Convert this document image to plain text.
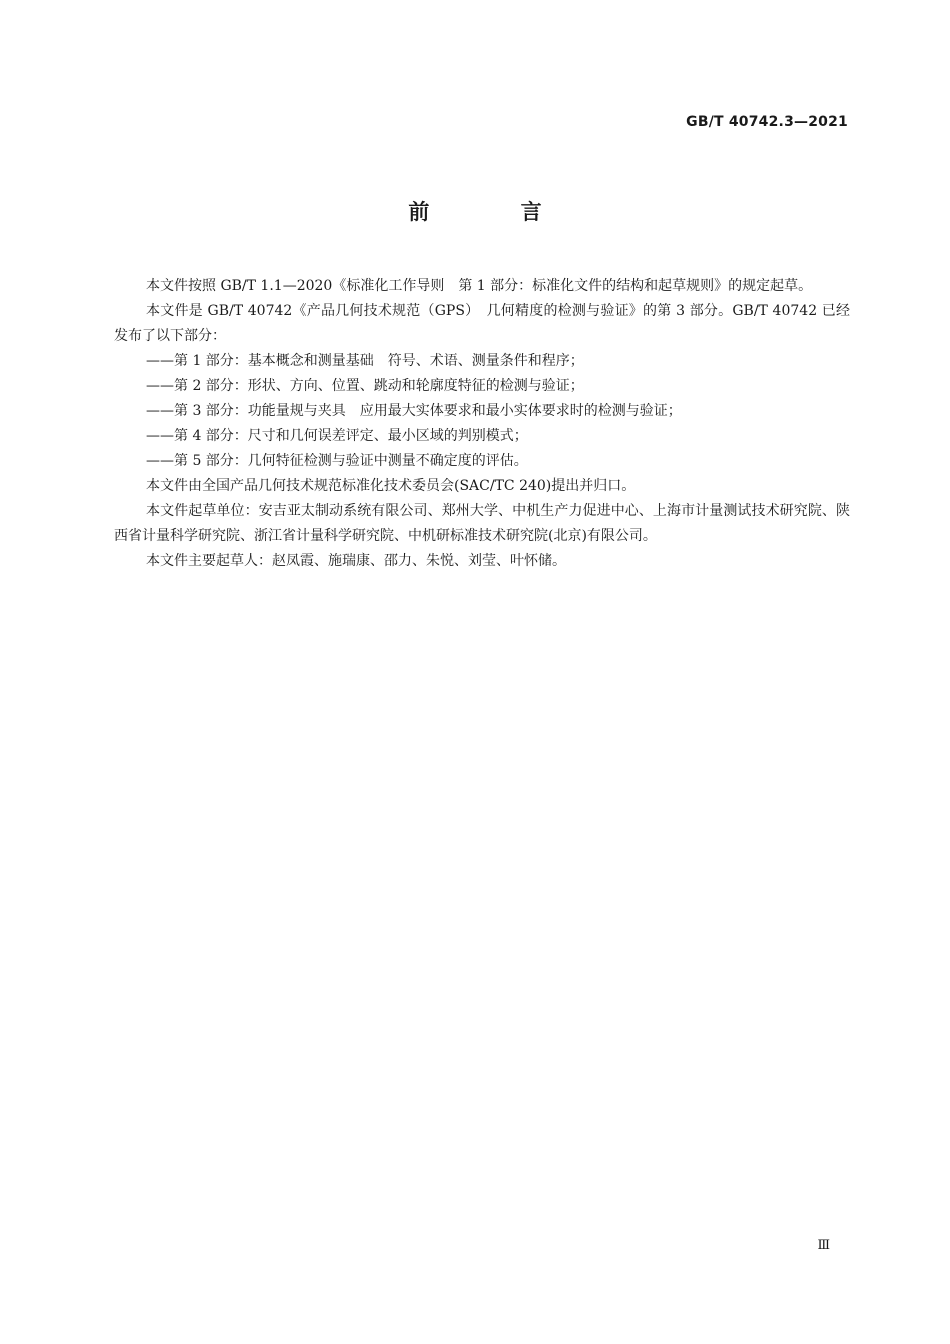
GB/T 40742.3—2021
前 言

本文件按照 GB/T 1.1—2020《标准化工作导则　第 1 部分：标准化文件的结构和起草规则》的规定起草。

本文件是 GB/T 40742《产品几何技术规范（GPS）　几何精度的检测与验证》的第 3 部分。GB/T 40742 已经发布了以下部分：

——第 1 部分：基本概念和测量基础　符号、术语、测量条件和程序；

——第 2 部分：形状、方向、位置、跳动和轮廓度特征的检测与验证；

——第 3 部分：功能量规与夹具　应用最大实体要求和最小实体要求时的检测与验证；

——第 4 部分：尺寸和几何误差评定、最小区域的判别模式；

——第 5 部分：几何特征检测与验证中测量不确定度的评估。

本文件由全国产品几何技术规范标准化技术委员会(SAC/TC 240)提出并归口。

本文件起草单位：安吉亚太制动系统有限公司、郑州大学、中机生产力促进中心、上海市计量测试技术研究院、陕西省计量科学研究院、浙江省计量科学研究院、中机研标准技术研究院(北京)有限公司。

本文件主要起草人：赵凤霞、施瑞康、邵力、朱悦、刘莹、叶怀储。

Ⅲ
